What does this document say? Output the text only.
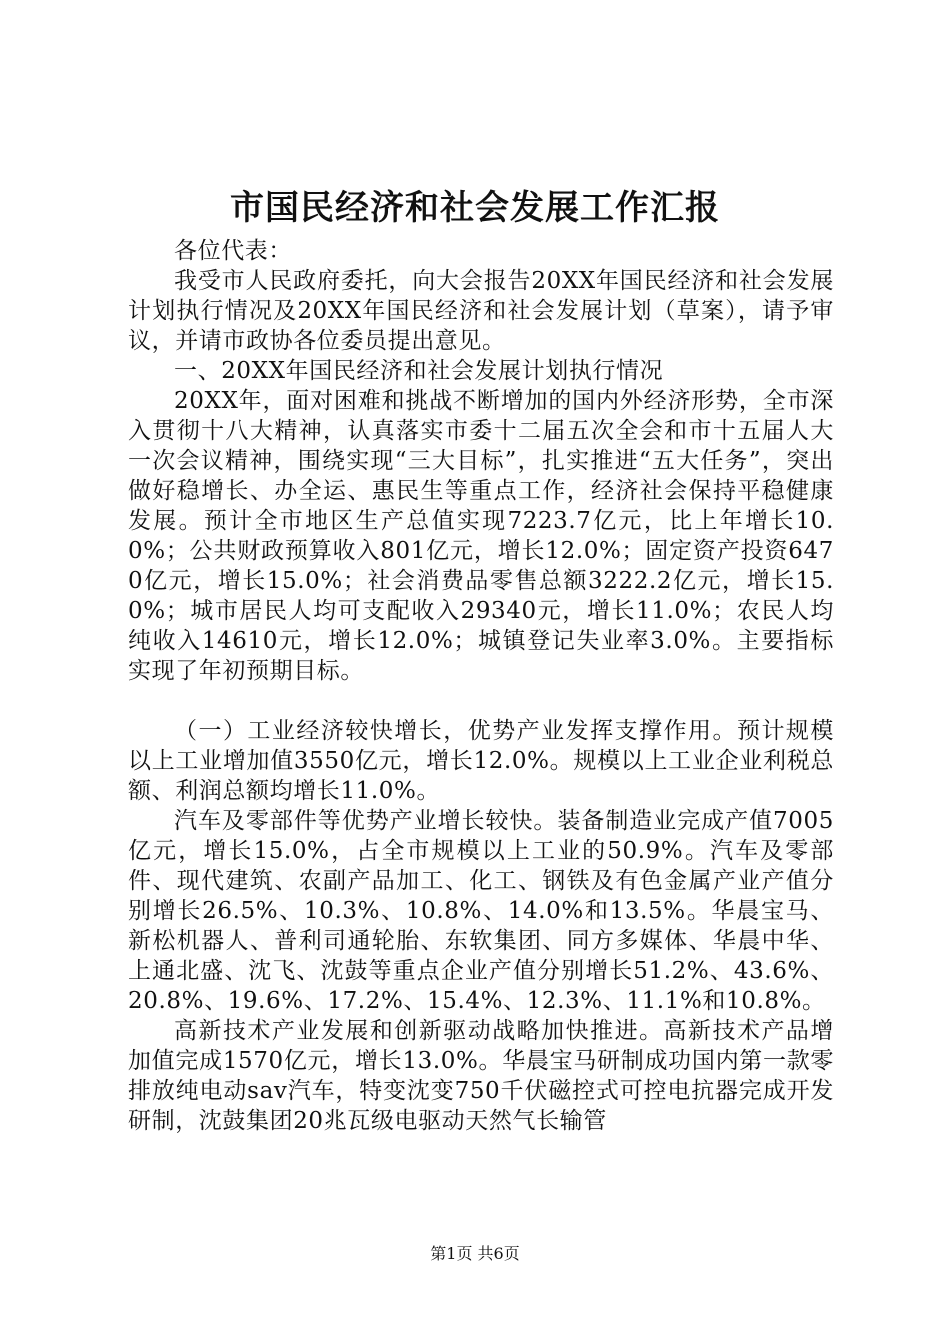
市国民经济和社会发展工作汇报

各位代表：

我受市人民政府委托，向大会报告20XX年国民经济和社会发展计划执行情况及20XX年国民经济和社会发展计划（草案），请予审议，并请市政协各位委员提出意见。

一、20XX年国民经济和社会发展计划执行情况

20XX年，面对困难和挑战不断增加的国内外经济形势，全市深入贯彻十八大精神，认真落实市委十二届五次全会和市十五届人大一次会议精神，围绕实现“三大目标”，扎实推进“五大任务”，突出做好稳增长、办全运、惠民生等重点工作，经济社会保持平稳健康发展。预计全市地区生产总值实现7223.7亿元，比上年增长10.0%；公共财政预算收入801亿元，增长12.0%；固定资产投资6470亿元，增长15.0%；社会消费品零售总额3222.2亿元，增长15.0%；城市居民人均可支配收入29340元，增长11.0%；农民人均纯收入14610元，增长12.0%；城镇登记失业率3.0%。主要指标实现了年初预期目标。

（一）工业经济较快增长，优势产业发挥支撑作用。预计规模以上工业增加值3550亿元，增长12.0%。规模以上工业企业利税总额、利润总额均增长11.0%。

汽车及零部件等优势产业增长较快。装备制造业完成产值7005亿元，增长15.0%，占全市规模以上工业的50.9%。汽车及零部件、现代建筑、农副产品加工、化工、钢铁及有色金属产业产值分别增长26.5%、10.3%、10.8%、14.0%和13.5%。华晨宝马、新松机器人、普利司通轮胎、东软集团、同方多媒体、华晨中华、上通北盛、沈飞、沈鼓等重点企业产值分别增长51.2%、43.6%、20.8%、19.6%、17.2%、15.4%、12.3%、11.1%和10.8%。

高新技术产业发展和创新驱动战略加快推进。高新技术产品增加值完成1570亿元，增长13.0%。华晨宝马研制成功国内第一款零排放纯电动sav汽车，特变沈变750千伏磁控式可控电抗器完成开发研制，沈鼓集团20兆瓦级电驱动天然气长输管

第1页 共6页
